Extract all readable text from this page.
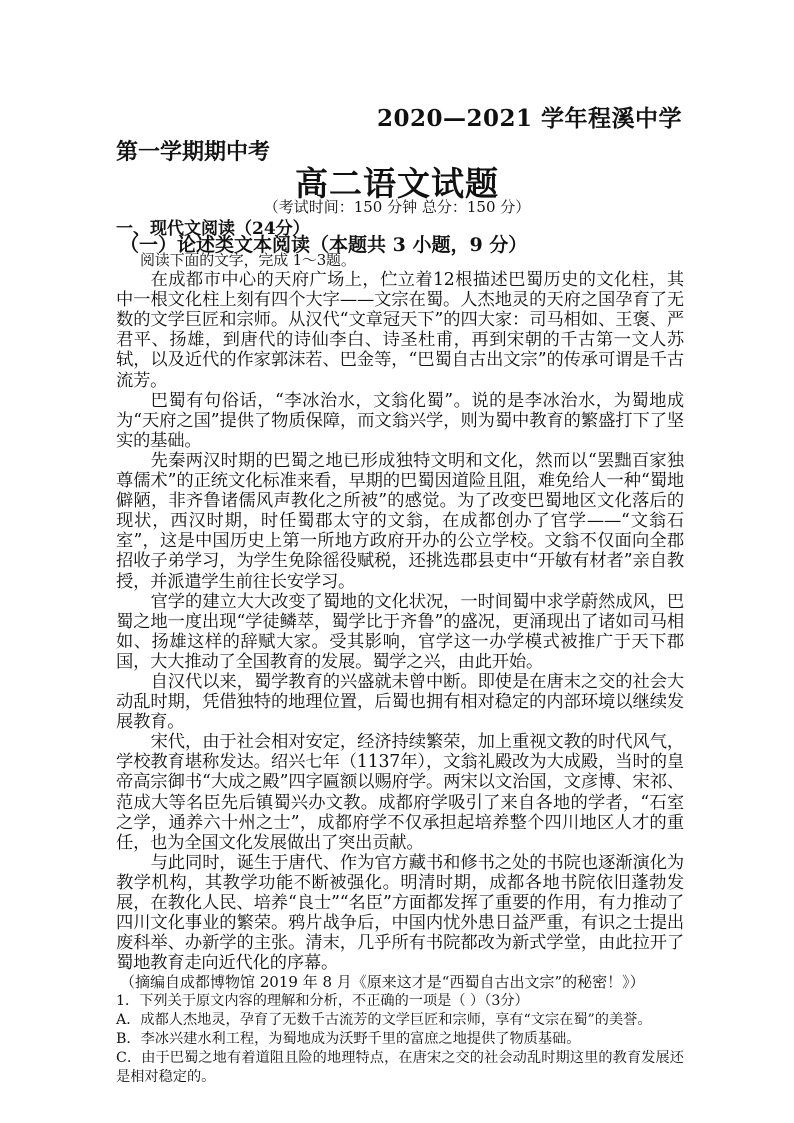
2020—2021 学年程溪中学
第一学期期中考
高二语文试题
（考试时间：150 分钟 总分：150 分）
一、现代文阅读（24分）
（一）论述类文本阅读（本题共 3 小题，9 分）

阅读下面的文字，完成 1～3题。

在成都市中心的天府广场上，伫立着12根描述巴蜀历史的文化柱，其中一根文化柱上刻有四个大字——文宗在蜀。人杰地灵的天府之国孕育了无数的文学巨匠和宗师。从汉代“文章冠天下”的四大家：司马相如、王褒、严君平、扬雄，到唐代的诗仙李白、诗圣杜甫，再到宋朝的千古第一文人苏轼，以及近代的作家郭沫若、巴金等，“巴蜀自古出文宗”的传承可谓是千古流芳。

巴蜀有句俗话，“李冰治水，文翁化蜀”。说的是李冰治水，为蜀地成为“天府之国”提供了物质保障，而文翁兴学，则为蜀中教育的繁盛打下了坚实的基础。

先秦两汉时期的巴蜀之地已形成独特文明和文化，然而以“罢黜百家独尊儒术”的正统文化标准来看，早期的巴蜀因道险且阻，难免给人一种“蜀地僻陋，非齐鲁诸儒风声教化之所被”的感觉。为了改变巴蜀地区文化落后的现状，西汉时期，时任蜀郡太守的文翁，在成都创办了官学——“文翁石室”，这是中国历史上第一所地方政府开办的公立学校。文翁不仅面向全郡招收子弟学习，为学生免除徭役赋税，还挑选郡县吏中“开敏有材者”亲自教授，并派遣学生前往长安学习。

官学的建立大大改变了蜀地的文化状况，一时间蜀中求学蔚然成风，巴蜀之地一度出现“学徒鳞萃，蜀学比于齐鲁”的盛况，更涌现出了诸如司马相如、扬雄这样的辞赋大家。受其影响，官学这一办学模式被推广于天下郡国，大大推动了全国教育的发展。蜀学之兴，由此开始。

自汉代以来，蜀学教育的兴盛就未曾中断。即使是在唐末之交的社会大动乱时期，凭借独特的地理位置，后蜀也拥有相对稳定的内部环境以继续发展教育。

宋代，由于社会相对安定，经济持续繁荣，加上重视文教的时代风气，学校教育堪称发达。绍兴七年（1137年），文翁礼殿改为大成殿，当时的皇帝高宗御书“大成之殿”四字匾额以赐府学。两宋以文治国，文彦博、宋祁、范成大等名臣先后镇蜀兴办文教。成都府学吸引了来自各地的学者，“石室之学，通养六十州之士”，成都府学不仅承担起培养整个四川地区人才的重任，也为全国文化发展做出了突出贡献。

与此同时，诞生于唐代、作为官方藏书和修书之处的书院也逐渐演化为教学机构，其教学功能不断被强化。明清时期，成都各地书院依旧蓬勃发展，在教化人民、培养“良士”“名臣”方面都发挥了重要的作用，有力推动了四川文化事业的繁荣。鸦片战争后，中国内忧外患日益严重，有识之士提出废科举、办新学的主张。清末，几乎所有书院都改为新式学堂，由此拉开了蜀地教育走向近代化的序幕。

（摘编自成都博物馆 2019 年 8 月《原来这才是“西蜀自古出文宗”的秘密！》）

1．下列关于原文内容的理解和分析，不正确的一项是（ ）（3分）

A．成都人杰地灵，孕育了无数千古流芳的文学巨匠和宗师，享有“文宗在蜀”的美誉。

B．李冰兴建水利工程，为蜀地成为沃野千里的富庶之地提供了物质基础。

C．由于巴蜀之地有着道阻且险的地理特点，在唐宋之交的社会动乱时期这里的教育发展还是相对稳定的。
